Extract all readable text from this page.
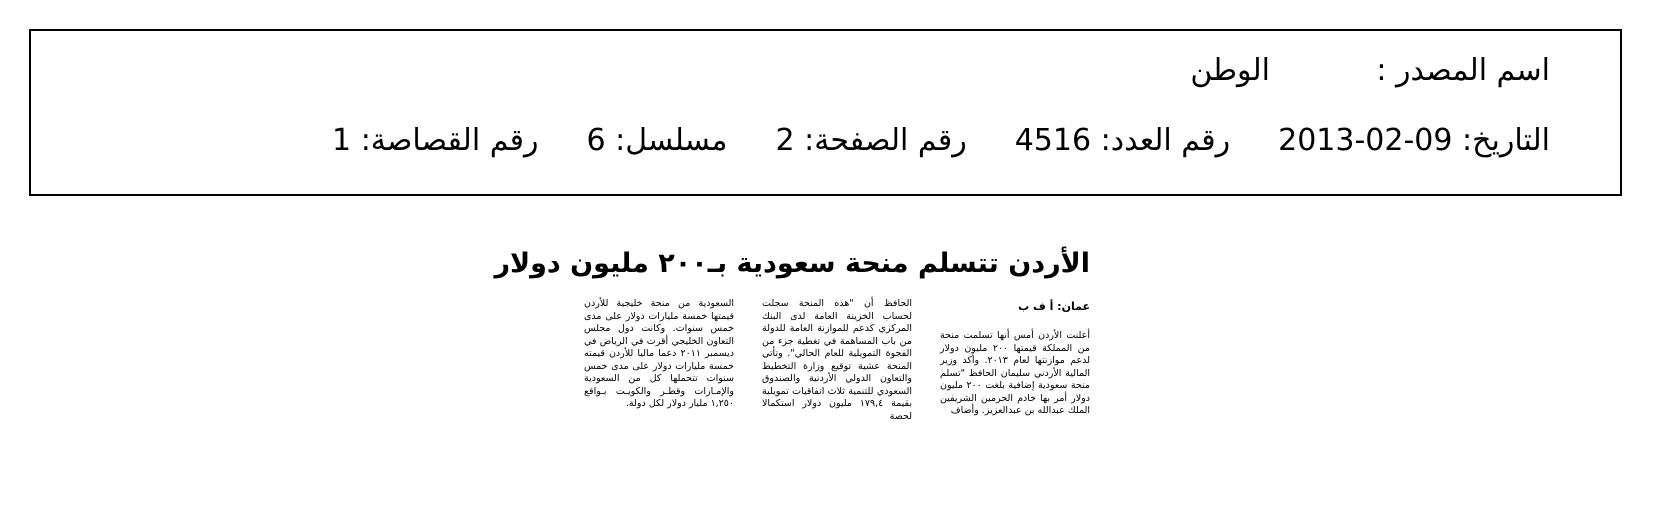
اسم المصدر :
الوطن
التاريخ: 2013-02-09
رقم العدد: 4516
رقم الصفحة: 2
مسلسل: 6
رقم القصاصة: 1
الأردن تتسلم منحة سعودية بـ٢٠٠ مليون دولار
عمان: أ ف ب
أعلنت الأردن أمس أنها تسلمت منحة من المملكة قيمتها ٢٠٠ مليون دولار لدعم موازنتها لعام ٢٠١٣. وأكد وزير المالية الأردني سليمان الحافظ "تسلم منحة سعودية إضافية بلغت ٢٠٠ مليون دولار أمر بها خادم الحرمين الشريفين الملك عبدالله بن عبدالعزيز. وأضاف
الحافظ أن "هذه المنحة سجلت لحساب الخزينة العامة لدى البنك المركزي كدعم للموازنة العامة للدولة من باب المساهمة في تغطية جزء من الفجوة التمويلية للعام الحالي". وتأتي المنحة عشية توقيع وزارة التخطيط والتعاون الدولي الأردنية والصندوق السعودي للتنمية ثلاث اتفاقيات تمويلية بقيمة ١٧٩,٤ مليون دولار استكمالا لحصة
السعودية من منحة خليجية للأردن قيمتها خمسة مليارات دولار على مدى خمس سنوات. وكانت دول مجلس التعاون الخليجي أقرت في الرياض في ديسمبر ٢٠١١ دعما ماليا للأردن قيمته خمسة مليارات دولار على مدى خمس سنوات تتحملها كل من السعودية والإمـارات وقطـر والكويـت بـواقع ١,٢٥٠ مليار دولار لكل دولة.
